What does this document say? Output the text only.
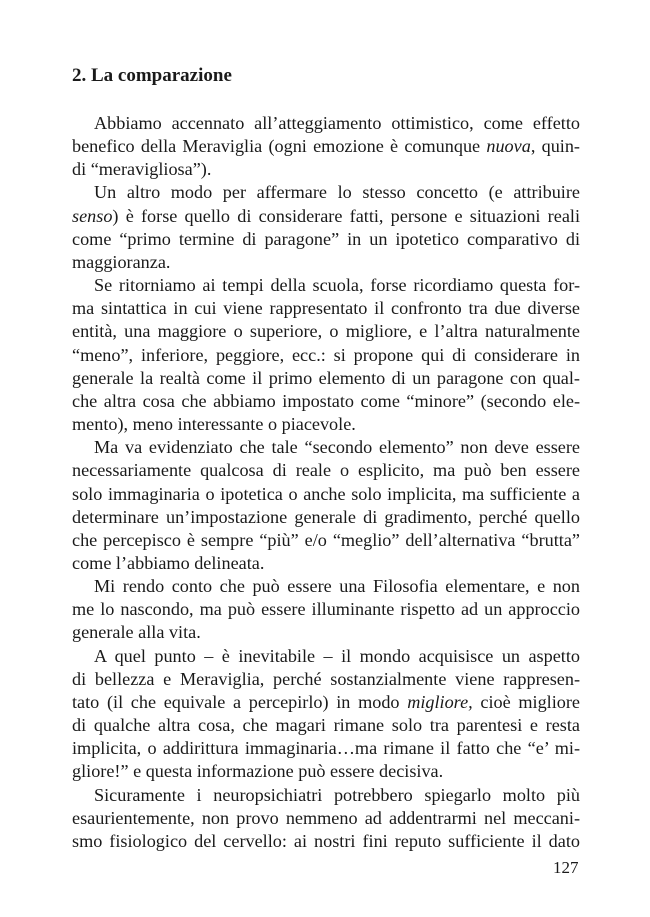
2. La comparazione
Abbiamo accennato all’atteggiamento ottimistico, come effetto
benefico della Meraviglia (ogni emozione è comunque nuova, quin-
di “meravigliosa”).
Un altro modo per affermare lo stesso concetto (e attribuire
senso) è forse quello di considerare fatti, persone e situazioni reali
come “primo termine di paragone” in un ipotetico comparativo di
maggioranza.
Se ritorniamo ai tempi della scuola, forse ricordiamo questa for-
ma sintattica in cui viene rappresentato il confronto tra due diverse
entità, una maggiore o superiore, o migliore, e l’altra naturalmente
“meno”, inferiore, peggiore, ecc.: si propone qui di considerare in
generale la realtà come il primo elemento di un paragone con qual-
che altra cosa che abbiamo impostato come “minore” (secondo ele-
mento), meno interessante o piacevole.
Ma va evidenziato che tale “secondo elemento” non deve essere
necessariamente qualcosa di reale o esplicito, ma può ben essere
solo immaginaria o ipotetica o anche solo implicita, ma sufficiente a
determinare un’impostazione generale di gradimento, perché quello
che percepisco è sempre “più” e/o “meglio” dell’alternativa “brutta”
come l’abbiamo delineata.
Mi rendo conto che può essere una Filosofia elementare, e non
me lo nascondo, ma può essere illuminante rispetto ad un approccio
generale alla vita.
A quel punto – è inevitabile – il mondo acquisisce un aspetto
di bellezza e Meraviglia, perché sostanzialmente viene rappresen-
tato (il che equivale a percepirlo) in modo migliore, cioè migliore
di qualche altra cosa, che magari rimane solo tra parentesi e resta
implicita, o addirittura immaginaria…ma rimane il fatto che “e’ mi-
gliore!” e questa informazione può essere decisiva.
Sicuramente i neuropsichiatri potrebbero spiegarlo molto più
esaurientemente, non provo nemmeno ad addentrarmi nel meccani-
smo fisiologico del cervello: ai nostri fini reputo sufficiente il dato
127
